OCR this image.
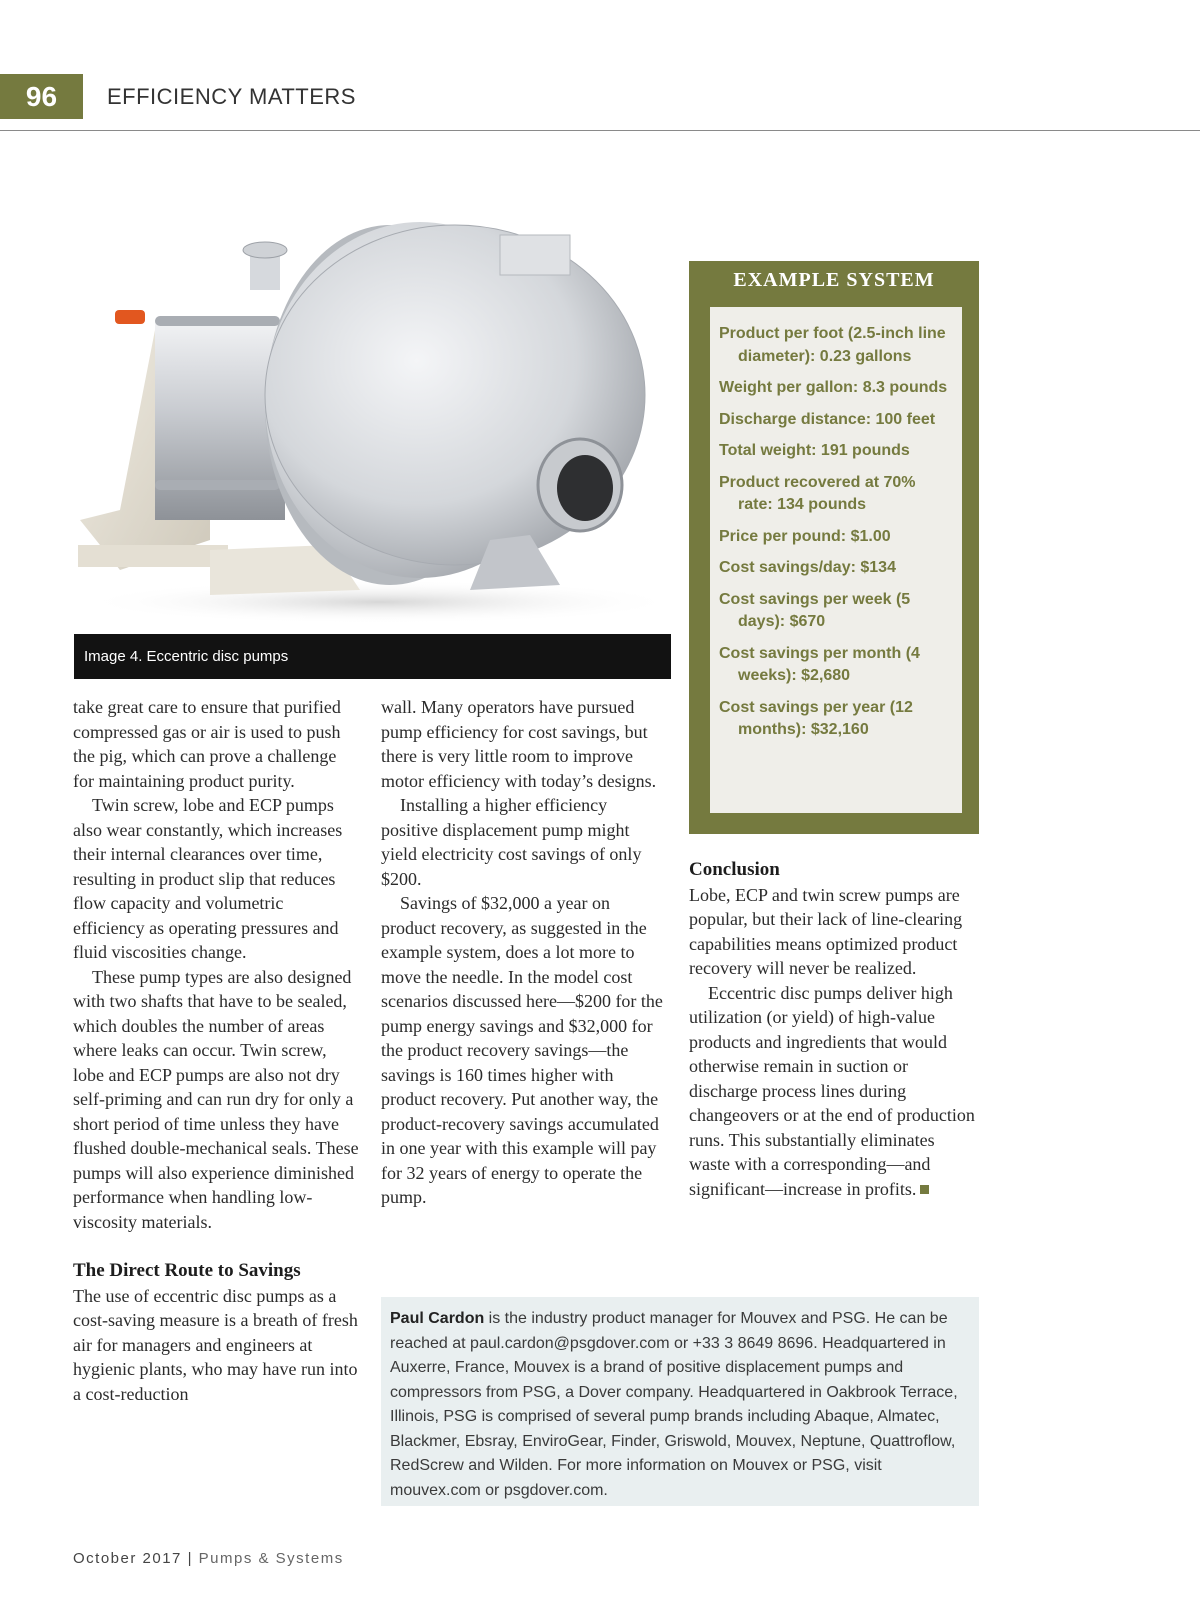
96	EFFICIENCY MATTERS
Image 4. Eccentric disc pumps

take great care to ensure that purified compressed gas or air is used to push the pig, which can prove a challenge for maintaining product purity.

Twin screw, lobe and ECP pumps also wear constantly, which increases their internal clearances over time, resulting in product slip that reduces flow capacity and volumetric efficiency as operating pressures and fluid viscosities change.

These pump types are also designed with two shafts that have to be sealed, which doubles the number of areas where leaks can occur. Twin screw, lobe and ECP pumps are also not dry self-priming and can run dry for only a short period of time unless they have flushed double-mechanical seals. These pumps will also experience diminished performance when handling low-viscosity materials.

The Direct Route to Savings

The use of eccentric disc pumps as a cost-saving measure is a breath of fresh air for managers and engineers at hygienic plants, who may have run into a cost-reduction

wall. Many operators have pursued pump efficiency for cost savings, but there is very little room to improve motor efficiency with today’s designs.

Installing a higher efficiency positive displacement pump might yield electricity cost savings of only $200.

Savings of $32,000 a year on product recovery, as suggested in the example system, does a lot more to move the needle. In the model cost scenarios discussed here—$200 for the pump energy savings and $32,000 for the product recovery savings—the savings is 160 times higher with product recovery. Put another way, the product-recovery savings accumulated in one year with this example will pay for 32 years of energy to operate the pump.

EXAMPLE SYSTEM
Product per foot (2.5-inch line diameter): 0.23 gallons
Weight per gallon: 8.3 pounds
Discharge distance: 100 feet
Total weight: 191 pounds
Product recovered at 70% rate: 134 pounds
Price per pound: $1.00
Cost savings/day: $134
Cost savings per week (5 days): $670
Cost savings per month (4 weeks): $2,680
Cost savings per year (12 months): $32,160

Conclusion

Lobe, ECP and twin screw pumps are popular, but their lack of line-clearing capabilities means optimized product recovery will never be realized.

Eccentric disc pumps deliver high utilization (or yield) of high-value products and ingredients that would otherwise remain in suction or discharge process lines during changeovers or at the end of production runs. This substantially eliminates waste with a corresponding—and significant—increase in profits.

Paul Cardon is the industry product manager for Mouvex and PSG. He can be reached at paul.cardon@psgdover.com or +33 3 8649 8696. Headquartered in Auxerre, France, Mouvex is a brand of positive displacement pumps and compressors from PSG, a Dover company. Headquartered in Oakbrook Terrace, Illinois, PSG is comprised of several pump brands including Abaque, Almatec, Blackmer, Ebsray, EnviroGear, Finder, Griswold, Mouvex, Neptune, Quattroflow, RedScrew and Wilden. For more information on Mouvex or PSG, visit mouvex.com or psgdover.com.
October 2017 | Pumps & Systems
